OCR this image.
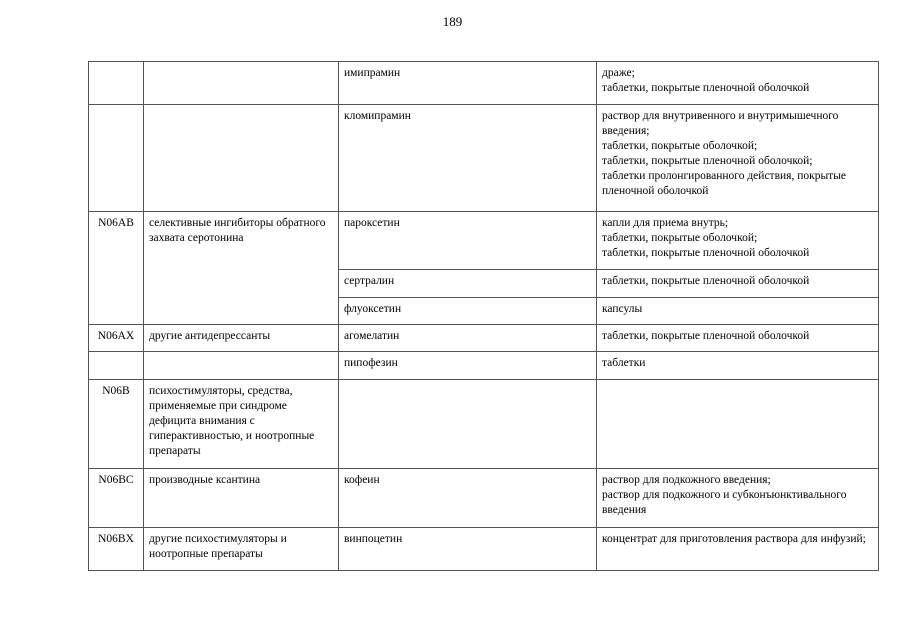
189
		имипрамин	драже;
таблетки, покрытые пленочной оболочкой
		кломипрамин	раствор для внутривенного и внутримышечного введения;
таблетки, покрытые оболочкой;
таблетки, покрытые пленочной оболочкой;
таблетки пролонгированного действия, покрытые пленочной оболочкой
N06AB	селективные ингибиторы обратного захвата серотонина	пароксетин	капли для приема внутрь;
таблетки, покрытые оболочкой;
таблетки, покрытые пленочной оболочкой
		сертралин	таблетки, покрытые пленочной оболочкой
		флуоксетин	капсулы
N06AX	другие антидепрессанты	агомелатин	таблетки, покрытые пленочной оболочкой
		пипофезин	таблетки
N06B	психостимуляторы, средства, применяемые при синдроме дефицита внимания с гиперактивностью, и ноотропные препараты		
N06BC	производные ксантина	кофеин	раствор для подкожного введения;
раствор для подкожного и субконъюнктивального введения
N06BX	другие психостимуляторы и ноотропные препараты	винпоцетин	концентрат для приготовления раствора для инфузий;
